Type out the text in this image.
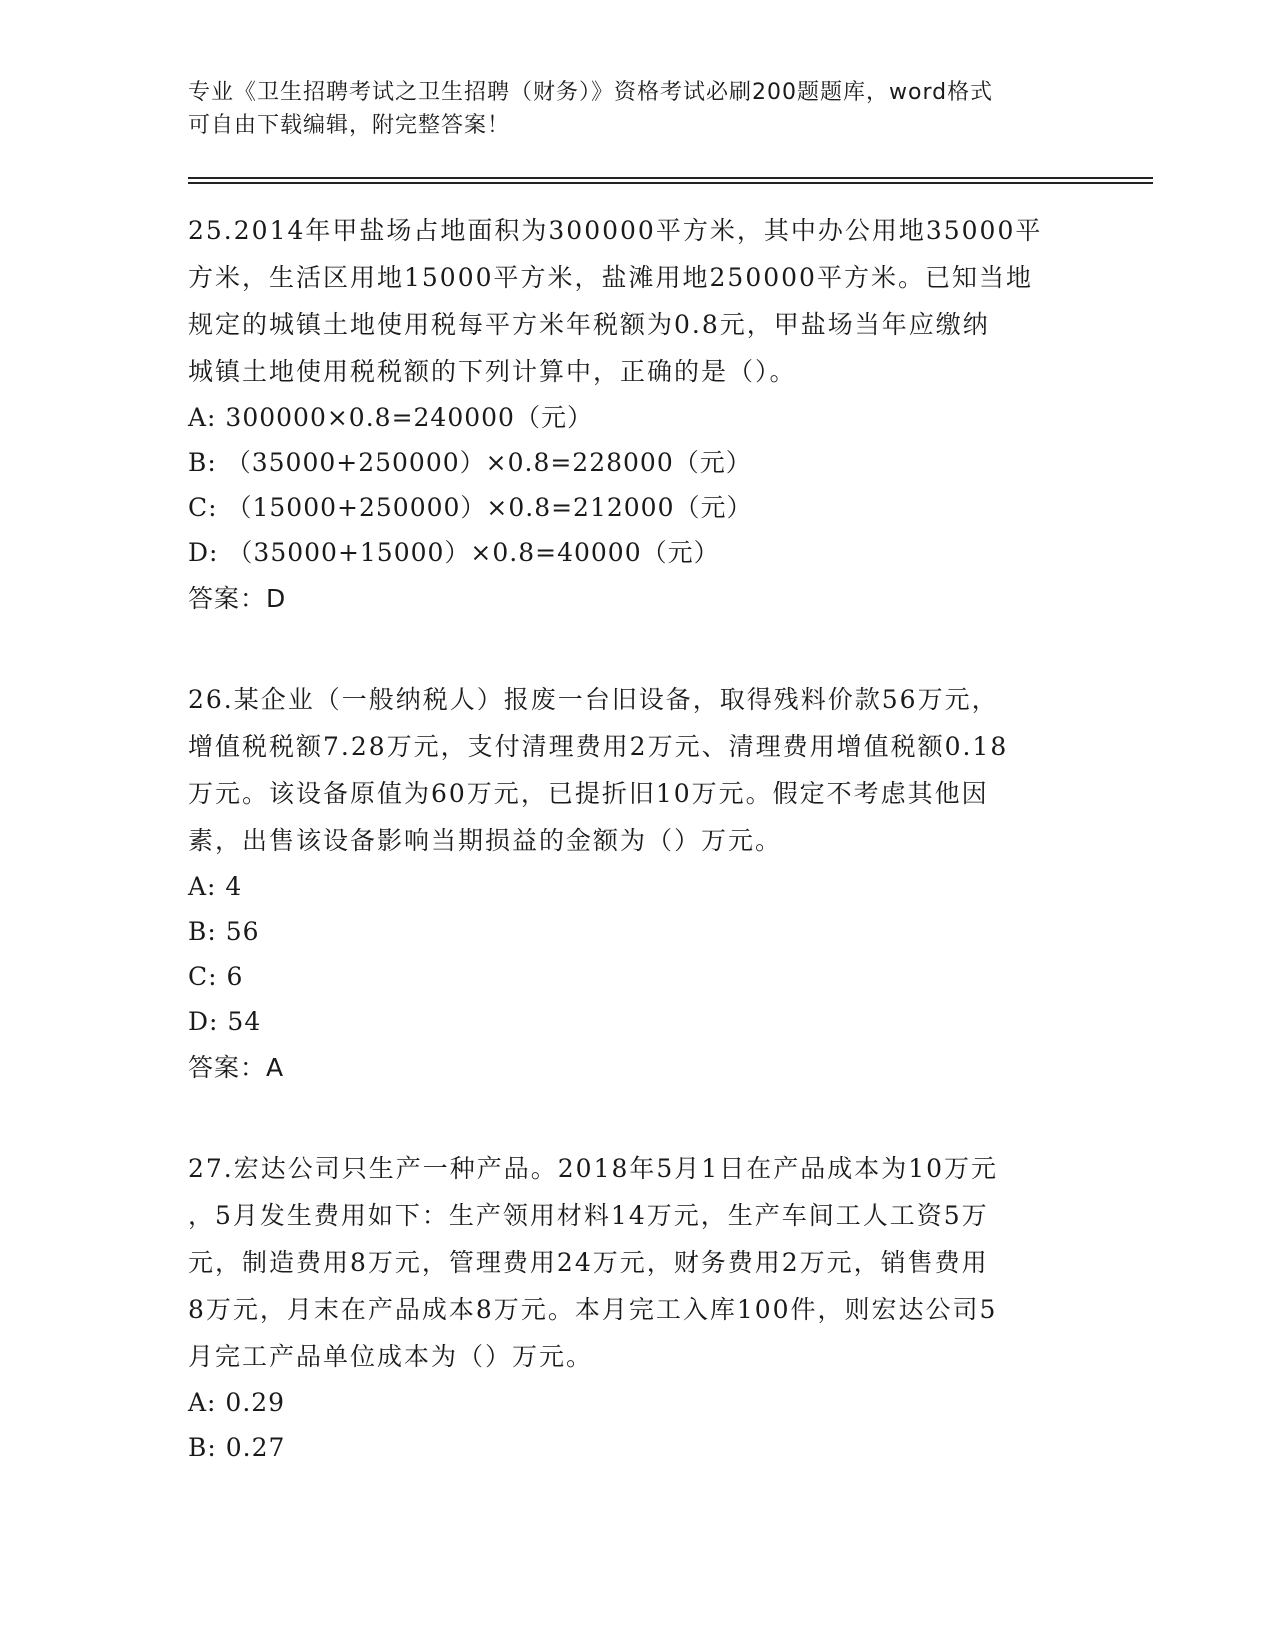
专业《卫生招聘考试之卫生招聘（财务）》资格考试必刷200题题库，word格式
可自由下载编辑，附完整答案！
25.2014年甲盐场占地面积为300000平方米，其中办公用地35000平
方米，生活区用地15000平方米，盐滩用地250000平方米。已知当地
规定的城镇土地使用税每平方米年税额为0.8元，甲盐场当年应缴纳
城镇土地使用税税额的下列计算中，正确的是（）。
A: 300000×0.8=240000（元）
B: （35000+250000）×0.8=228000（元）
C: （15000+250000）×0.8=212000（元）
D: （35000+15000）×0.8=40000（元）
答案：D
26.某企业（一般纳税人）报废一台旧设备，取得残料价款56万元，
增值税税额7.28万元，支付清理费用2万元、清理费用增值税额0.18
万元。该设备原值为60万元，已提折旧10万元。假定不考虑其他因
素，出售该设备影响当期损益的金额为（）万元。
A: 4
B: 56
C: 6
D: 54
答案：A
27.宏达公司只生产一种产品。2018年5月1日在产品成本为10万元
，5月发生费用如下：生产领用材料14万元，生产车间工人工资5万
元，制造费用8万元，管理费用24万元，财务费用2万元，销售费用
8万元，月末在产品成本8万元。本月完工入库100件，则宏达公司5
月完工产品单位成本为（）万元。
A: 0.29
B: 0.27
